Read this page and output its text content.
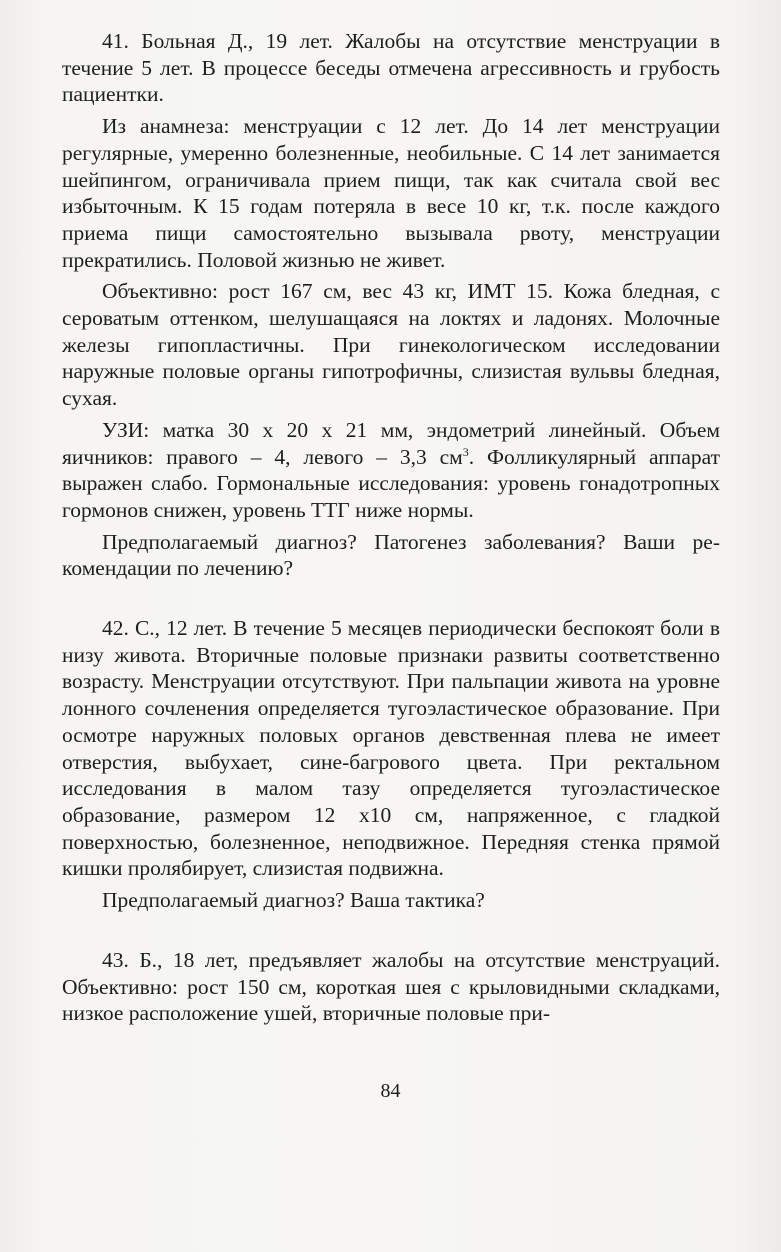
41. Больная Д., 19 лет. Жалобы на отсутствие менструации в течение 5 лет. В процессе беседы отмечена агрессивность и грубость пациентки.

Из анамнеза: менструации с 12 лет. До 14 лет менструации регулярные, умеренно болезненные, необильные. С 14 лет занимается шейпингом, ограничивала прием пищи, так как считала свой вес избыточным. К 15 годам потеряла в весе 10 кг, т.к. после каждого приема пищи самостоятельно вызывала рвоту, менструации прекратились. Половой жизнью не живет.

Объективно: рост 167 см, вес 43 кг, ИМТ 15. Кожа бледная, с сероватым оттенком, шелушащаяся на локтях и ладонях. Молочные железы гипопластичны. При гинекологическом исследовании наружные половые органы гипотрофичны, слизистая вульвы бледная, сухая.

УЗИ: матка 30 х 20 х 21 мм, эндометрий линейный. Объем яичников: правого – 4, левого – 3,3 $см^3$. Фолликулярный аппарат выражен слабо. Гормональные исследования: уровень гонадотропных гормонов снижен, уровень ТТГ ниже нормы.

Предполагаемый диагноз? Патогенез заболевания? Ваши рекомендации по лечению?

42. С., 12 лет. В течение 5 месяцев периодически беспокоят боли в низу живота. Вторичные половые признаки развиты соответственно возрасту. Менструации отсутствуют. При пальпации живота на уровне лонного сочленения определяется тугоэластическое образование. При осмотре наружных половых органов девственная плева не имеет отверстия, выбухает, сине-багрового цвета. При ректальном исследования в малом тазу определяется тугоэластическое образование, размером 12 х10 см, напряженное, с гладкой поверхностью, болезненное, неподвижное. Передняя стенка прямой кишки пролябирует, слизистая подвижна.

Предполагаемый диагноз? Ваша тактика?

43. Б., 18 лет, предъявляет жалобы на отсутствие менструаций. Объективно: рост 150 см, короткая шея с крыловидными складками, низкое расположение ушей, вторичные половые при-

84
